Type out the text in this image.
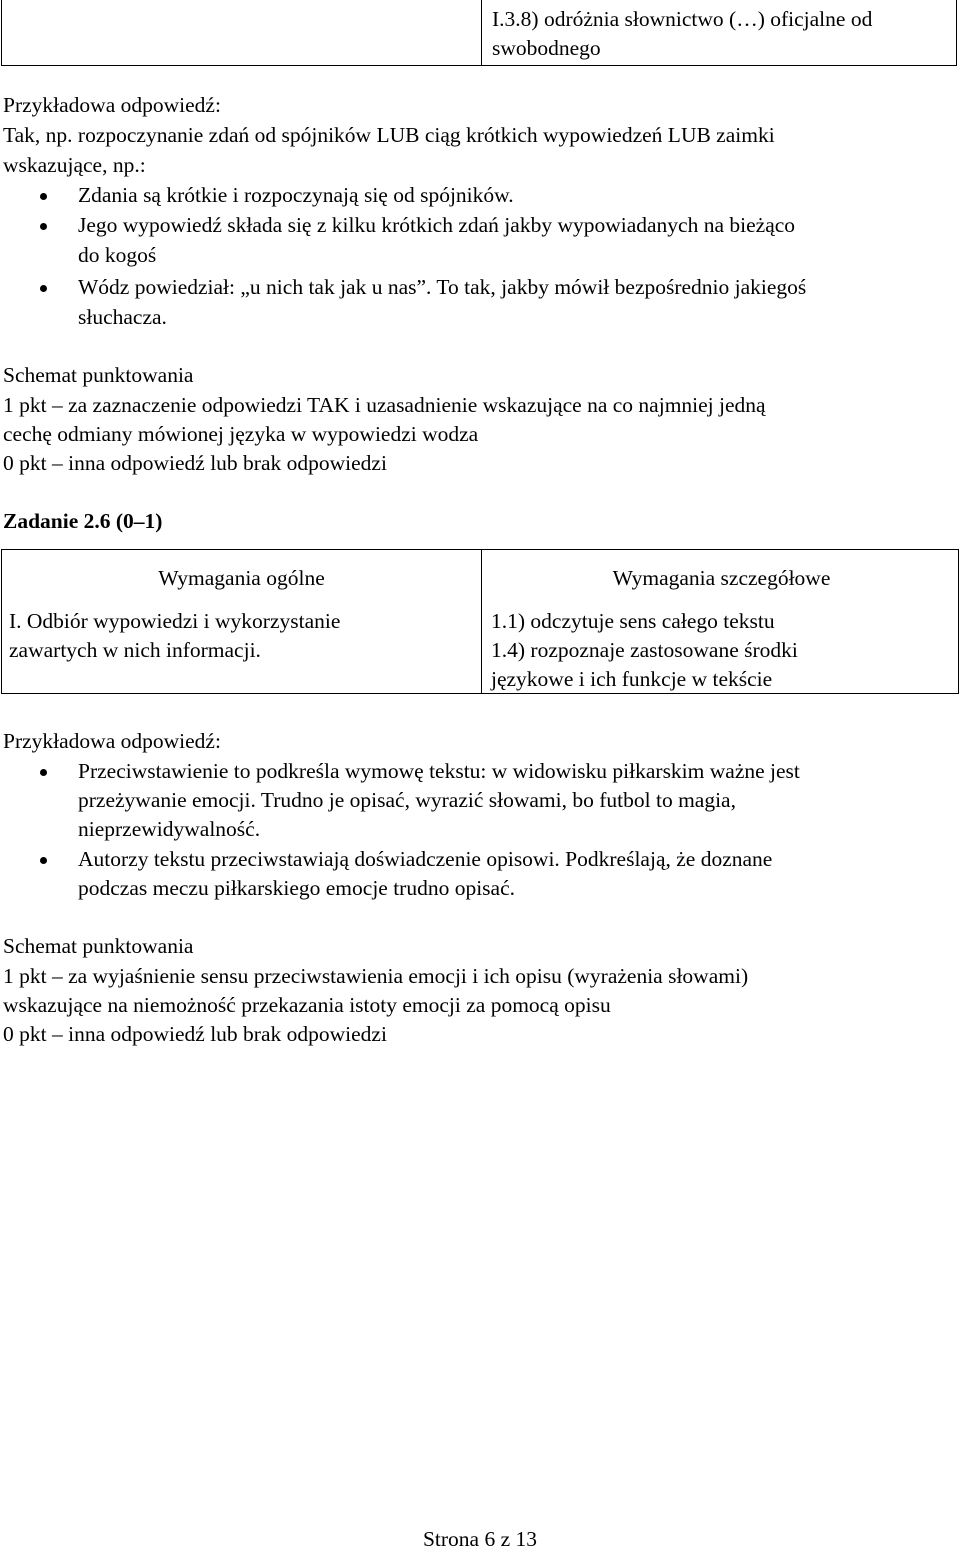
I.3.8) odróżnia słownictwo (…) oficjalne od
swobodnego
Przykładowa odpowiedź:
Tak, np. rozpoczynanie zdań od spójników LUB ciąg krótkich wypowiedzeń LUB zaimki
wskazujące, np.:
Zdania są krótkie i rozpoczynają się od spójników.
Jego wypowiedź składa się z kilku krótkich zdań jakby wypowiadanych na bieżąco
do kogoś
Wódz powiedział: „u nich tak jak u nas”. To tak, jakby mówił bezpośrednio jakiegoś
słuchacza.
Schemat punktowania
1 pkt – za zaznaczenie odpowiedzi TAK i uzasadnienie wskazujące na co najmniej jedną
cechę odmiany mówionej języka w wypowiedzi wodza
0 pkt – inna odpowiedź lub brak odpowiedzi
Zadanie 2.6 (0–1)
Wymagania ogólne	Wymagania szczegółowe
I. Odbiór wypowiedzi i wykorzystanie
zawartych w nich informacji.
1.1) odczytuje sens całego tekstu
1.4) rozpoznaje zastosowane środki
językowe i ich funkcje w tekście
Przykładowa odpowiedź:
Przeciwstawienie to podkreśla wymowę tekstu: w widowisku piłkarskim ważne jest
przeżywanie emocji. Trudno je opisać, wyrazić słowami, bo futbol to magia,
nieprzewidywalność.
Autorzy tekstu przeciwstawiają doświadczenie opisowi. Podkreślają, że doznane
podczas meczu piłkarskiego emocje trudno opisać.
Schemat punktowania
1 pkt – za wyjaśnienie sensu przeciwstawienia emocji i ich opisu (wyrażenia słowami)
wskazujące na niemożność przekazania istoty emocji za pomocą opisu
0 pkt – inna odpowiedź lub brak odpowiedzi
Strona 6 z 13
